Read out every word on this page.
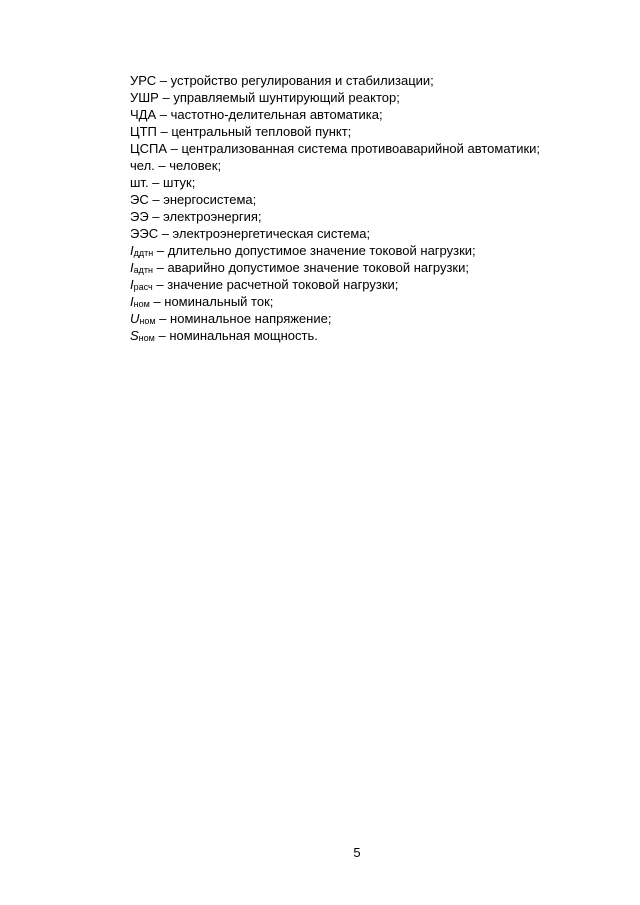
УРС – устройство регулирования и стабилизации;
УШР – управляемый шунтирующий реактор;
ЧДА – частотно-делительная автоматика;
ЦТП – центральный тепловой пункт;
ЦСПА – централизованная система противоаварийной автоматики;
чел. – человек;
шт. – штук;
ЭС – энергосистема;
ЭЭ – электроэнергия;
ЭЭС – электроэнергетическая система;
$I_{ддтн}$ – длительно допустимое значение токовой нагрузки;
$I_{адтн}$ – аварийно допустимое значение токовой нагрузки;
$I_{расч}$ – значение расчетной токовой нагрузки;
$I_{ном}$ – номинальный ток;
$U_{ном}$ – номинальное напряжение;
$S_{ном}$ – номинальная мощность.
5
